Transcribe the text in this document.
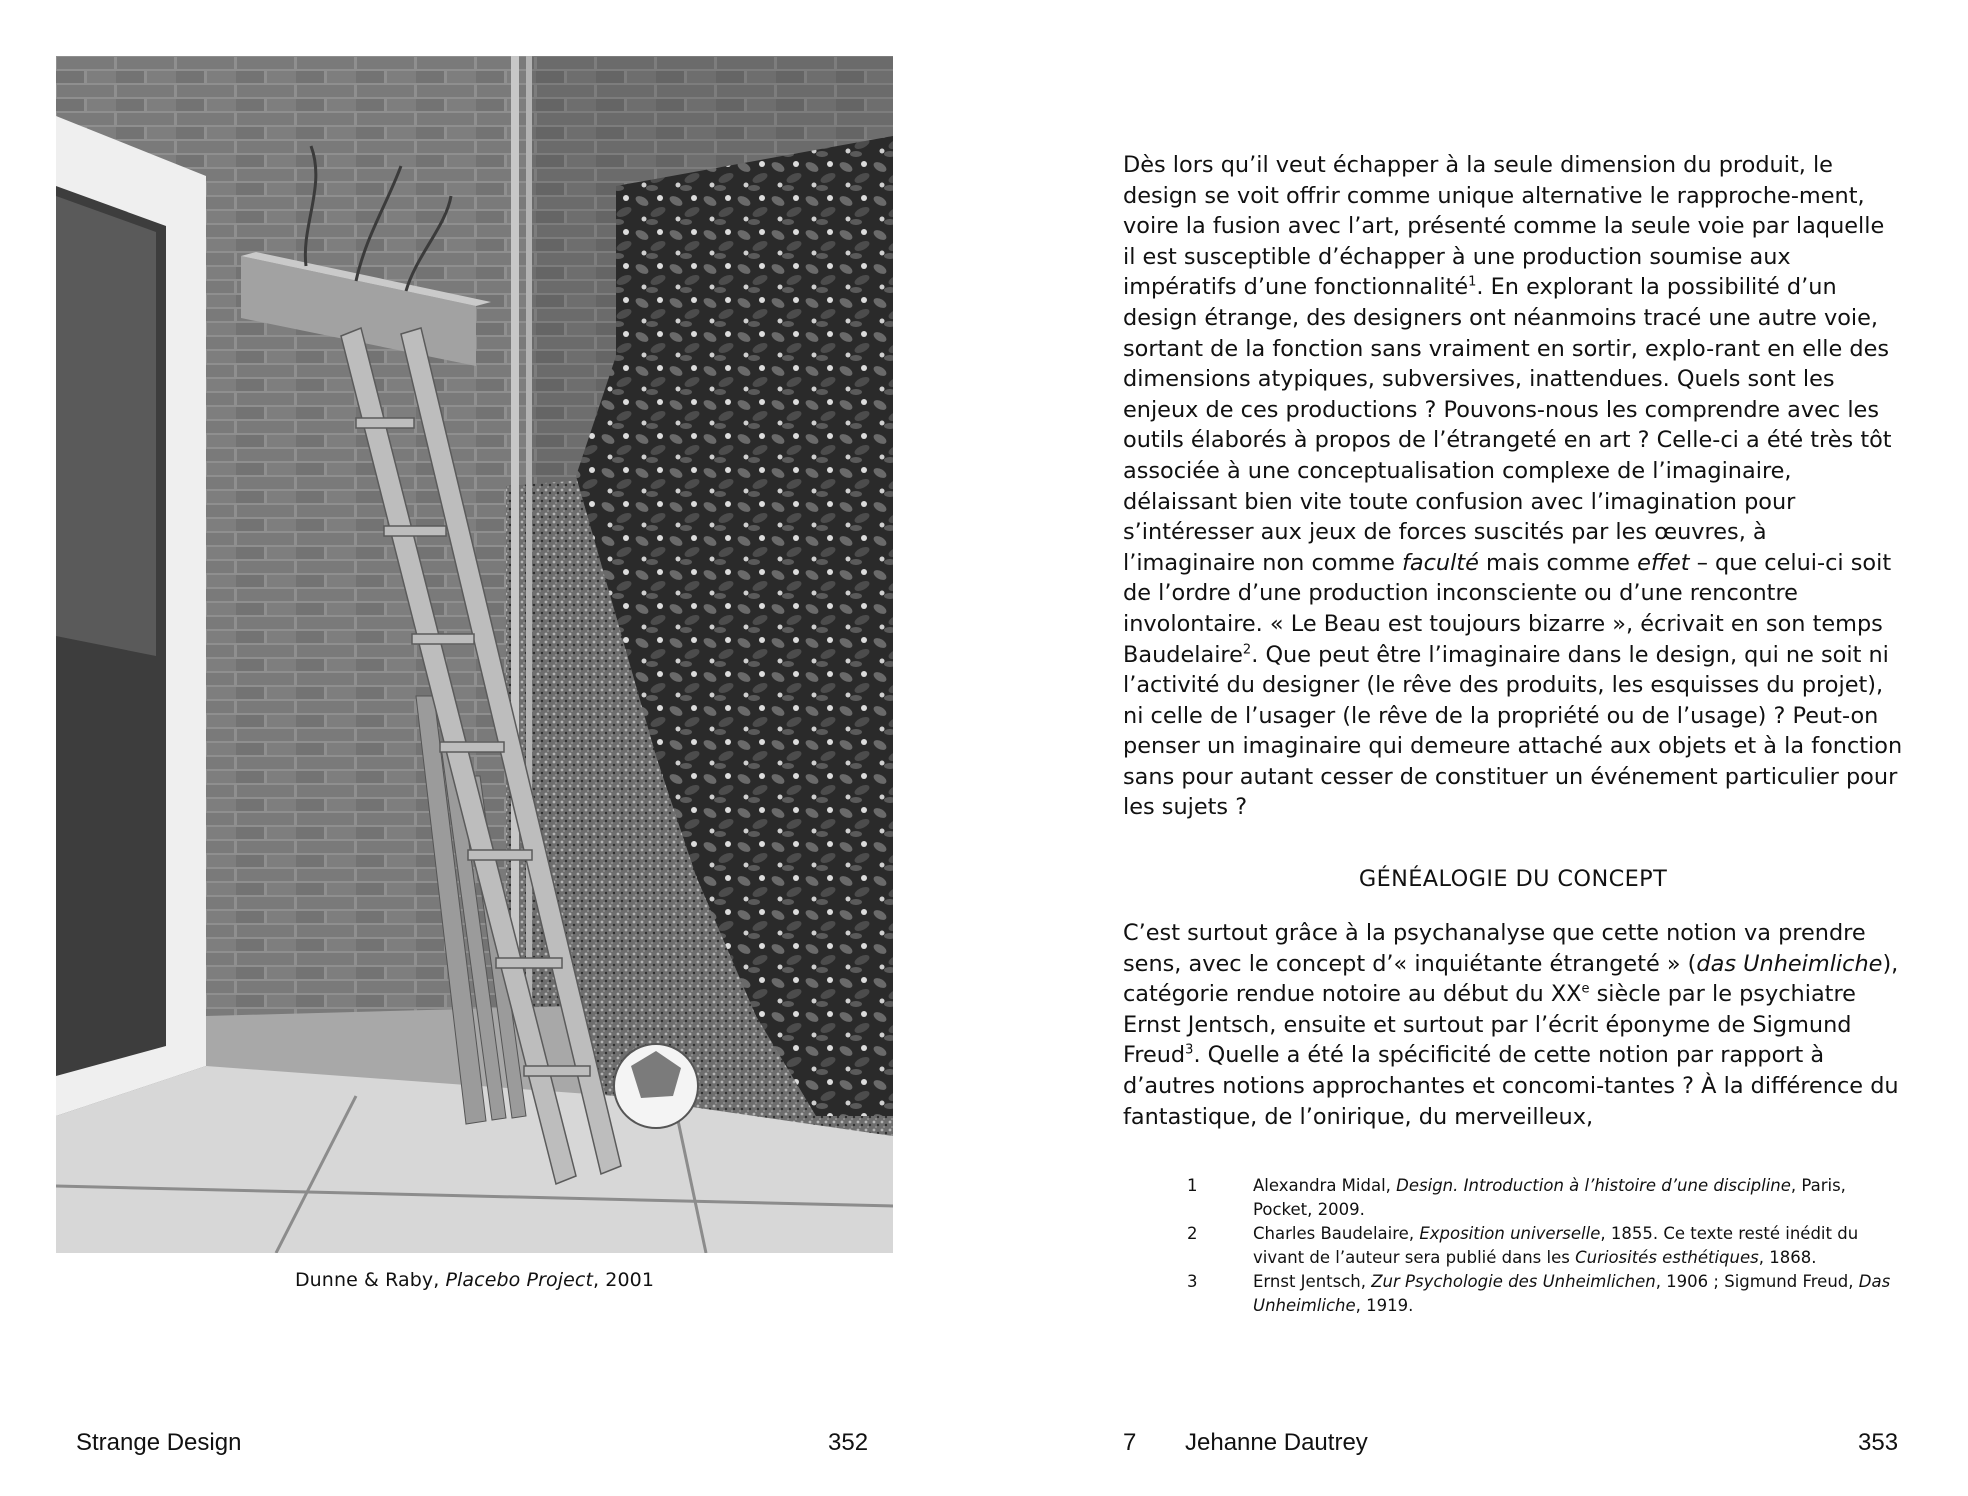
Dunne & Raby, Placebo Project, 2001
Strange Design	352

Dès lors qu’il veut échapper à la seule dimension du produit, le design se voit offrir comme unique alternative le rapproche-ment, voire la fusion avec l’art, présenté comme la seule voie par laquelle il est susceptible d’échapper à une production soumise aux impératifs d’une fonctionnalité$^1$. En explorant la possibilité d’un design étrange, des designers ont néanmoins tracé une autre voie, sortant de la fonction sans vraiment en sortir, explo-rant en elle des dimensions atypiques, subversives, inattendues. Quels sont les enjeux de ces productions ? Pouvons-nous les comprendre avec les outils élaborés à propos de l’étrangeté en art ? Celle-ci a été très tôt associée à une conceptualisation complexe de l’imaginaire, délaissant bien vite toute confusion avec l’imagination pour s’intéresser aux jeux de forces suscités par les œuvres, à l’imaginaire non comme faculté mais comme effet – que celui-ci soit de l’ordre d’une production inconsciente ou d’une rencontre involontaire. « Le Beau est toujours bizarre », écrivait en son temps Baudelaire$^2$. Que peut être l’imaginaire dans le design, qui ne soit ni l’activité du designer (le rêve des produits, les esquisses du projet), ni celle de l’usager (le rêve de la propriété ou de l’usage) ? Peut-on penser un imaginaire qui demeure attaché aux objets et à la fonction sans pour autant cesser de constituer un événement particulier pour les sujets ?

GÉNÉALOGIE DU CONCEPT
C’est surtout grâce à la psychanalyse que cette notion va prendre sens, avec le concept d’« inquiétante étrangeté » (das Unheimliche), catégorie rendue notoire au début du XXe siècle par le psychiatre Ernst Jentsch, ensuite et surtout par l’écrit éponyme de Sigmund Freud$^3$. Quelle a été la spécificité de cette notion par rapport à d’autres notions approchantes et concomi-tantes ? À la différence du fantastique, de l’onirique, du merveilleux,
1	Alexandra Midal, Design. Introduction à l’histoire d’une discipline, Paris, Pocket, 2009.
2	Charles Baudelaire, Exposition universelle, 1855. Ce texte resté inédit du vivant de l’auteur sera publié dans les Curiosités esthétiques, 1868.
3	Ernst Jentsch, Zur Psychologie des Unheimlichen, 1906 ; Sigmund Freud, Das Unheimliche, 1919.
7 Jehanne Dautrey	353
